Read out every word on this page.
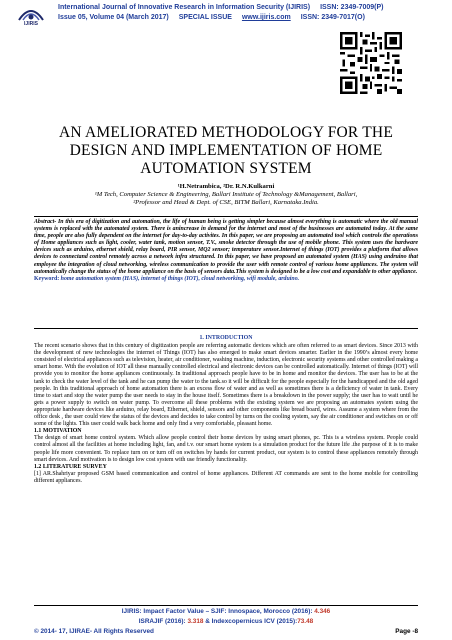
IJIRIS
International Journal of Innovative Research in Information Security (IJIRIS) ISSN: 2349-7009(P)
Issue 05, Volume 04 (March 2017) SPECIAL ISSUE www.ijiris.com ISSN: 2349-7017(O)
AN AMELIORATED METHODOLOGY FOR THE
DESIGN AND IMPLEMENTATION OF HOME
AUTOMATION SYSTEM
¹H.Netrambica, ²Dr. R.N.Kulkarni
¹M Tech, Computer Science & Engineering, Ballari Institute of Technology &Management, Ballari,
²Professor and Head & Dept. of CSE, BITM Ballari, Karnataka.India.
Abstract- In this era of digitization and automation, the life of human being is getting simpler because almost everything is automatic where the old manual systems is replaced with the automated system. There is anincrease in demand for the internet and most of the businesses are automated today. At the same time, people are also fully dependent on the internet for day-to-day activites. In this paper, we are proposing an automated tool which controls the operations of Home appliances such as light, cooler, water tank, motion sensor, T.V., smoke detector through the use of mobile phone. This system uses the hardware devices such as arduino, ethernet shield, relay board, PIR sensor, MQ2 sensor; temperature sensor.Internet of things (IOT) provides a platform that allows devices to connectand control remotely across a network infra structured. In this paper, we have proposed an automated system (HAS) using andruino that employee the integration of cloud networking, wireless communication to provide the user with remote control of various home appliances. The system will automatically change the status of the home appliance on the basis of sensors data.This system is designed to be a low cost and expandable to other appliance.
Keyword: home automation system (HAS), internet of things (IOT), cloud networking, wifi module, arduino.
1. INTRODUCTION

The recent scenario shows that in this century of digitization people are referring automatic devices which are often referred to as smart devices. Since 2013 with the development of new technologies the internet of Things (IOT) has also emerged to make smart devices smarter. Earlier in the 1990’s almost every home consisted of electrical appliances such as television, heater, air conditioner, washing machine, induction, electronic security systems and other controlled making a smart home. With the evolution of IOT all these manually controlled electrical and electronic devices can be controlled automatically. Internet of things (IOT) will provide you to monitor the home appliances continuously. In traditional approach people have to be in home and monitor the devices. The user has to be at the tank to check the water level of the tank and he can pump the water to the tank.so it will be difficult for the people especially for the handicapped and the old aged people. In this traditional approach of home automation there is an excess flow of water and as well as sometimes there is a deficiency of water in tank. Every time to start and stop the water pump the user needs to stay in the house itself. Sometimes there is a breakdown in the power supply; the user has to wait until he gets a power supply to switch on water pump. To overcome all these problems with the existing system we are proposing an automates system using the appropriate hardware devices like arduino, relay board, Ethernet, shield, sensors and other components like bread board, wires. Assume a system where from the office desk , the user could view the status of the devices and decides to take control by turns on the cooling system, say the air conditioner and switches on or off some of the lights. This user could walk back home and only find a very comfortable, pleasant home.

1.1 MOTIVATION

The design of smart home control system. Which allow people control their home devices by using smart phones, pc. This is a wireless system. People could control almost all the facilities at home including light, fan, and t.v. our smart home system is a simulation product for the future life .the purpose of it is to make people life more convenient. To replace turn on or turn off on switches by hands for current product, our system is to control these appliances remotely through smart devices. And motivation is to design low cost system with use friendly functionality.

1.2 LITERATURE SURVEY

[1] AR.Shahriyar proposed GSM based communication and control of home appliances. Different AT commands are sent to the home mobile for controlling different appliances.

IJIRIS: Impact Factor Value – SJIF: Innospace, Morocco (2016): 4.346
ISRAJIF (2016): 3.318 & Indexcopernicus ICV (2015):73.48
© 2014- 17, IJIRAE- All Rights Reserved	Page -8
